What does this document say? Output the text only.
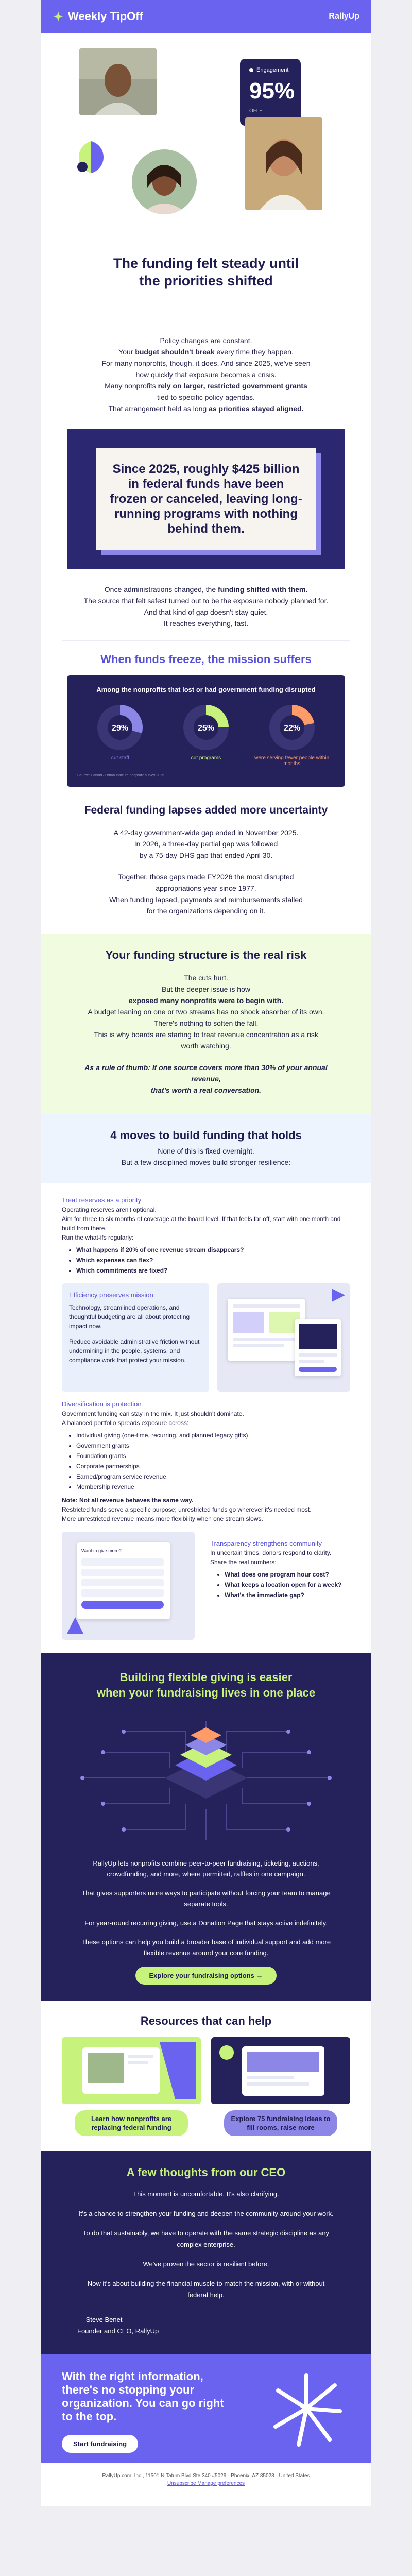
Weekly TipOff	RallyUp
Engagement
95%
OFL+
The funding felt steady until
the priorities shifted

Policy changes are constant.

Your budget shouldn't break every time they happen.

For many nonprofits, though, it does. And since 2025, we've seen

how quickly that exposure becomes a crisis.

Many nonprofits rely on larger, restricted government grants

tied to specific policy agendas.

That arrangement held as long as priorities stayed aligned.

Since 2025, roughly $425 billion in federal funds have been frozen or canceled, leaving long-running programs with nothing behind them.

Once administrations changed, the funding shifted with them.

The source that felt safest turned out to be the exposure nobody planned for.

And that kind of gap doesn't stay quiet.

It reaches everything, fast.

When funds freeze, the mission suffers
Among the nonprofits that lost or had government funding disrupted
29%
cut staff
25%
cut programs
22%
were serving fewer people within months
Source: Candid / Urban Institute nonprofit survey 2025
Federal funding lapses added more uncertainty

A 42-day government-wide gap ended in November 2025.

In 2026, a three-day partial gap was followed

by a 75-day DHS gap that ended April 30.

Together, those gaps made FY2026 the most disrupted

appropriations year since 1977.

When funding lapsed, payments and reimbursements stalled

for the organizations depending on it.

Your funding structure is the real risk

The cuts hurt.

But the deeper issue is how

exposed many nonprofits were to begin with.

A budget leaning on one or two streams has no shock absorber of its own.

There's nothing to soften the fall.

This is why boards are starting to treat revenue concentration as a risk

worth watching.

As a rule of thumb: If one source covers more than 30% of your annual revenue,

that's worth a real conversation.

4 moves to build funding that holds

None of this is fixed overnight.

But a few disciplined moves build stronger resilience:

Treat reserves as a priority

Operating reserves aren't optional.

Aim for three to six months of coverage at the board level. If that feels far off, start with one month and build from there.

Run the what-ifs regularly:

• What happens if 20% of one revenue stream disappears?
• Which expenses can flex?
• Which commitments are fixed?
Efficiency preserves mission

Technology, streamlined operations, and thoughtful budgeting are all about protecting impact now.

Reduce avoidable administrative friction without undermining in the people, systems, and compliance work that protect your mission.

Diversification is protection

Government funding can stay in the mix. It just shouldn't dominate.

A balanced portfolio spreads exposure across:

• Individual giving (one-time, recurring, and planned legacy gifts)
• Government grants
• Foundation grants
• Corporate partnerships
• Earned/program service revenue
• Membership revenue

Note: Not all revenue behaves the same way.

Restricted funds serve a specific purpose; unrestricted funds go wherever it's needed most.

More unrestricted revenue means more flexibility when one stream slows.

Want to give more?
Transparency strengthens community

In uncertain times, donors respond to clarity. Share the real numbers:

• What does one program hour cost?
• What keeps a location open for a week?
• What's the immediate gap?
Building flexible giving is easier
when your fundraising lives in one place

RallyUp lets nonprofits combine peer-to-peer fundraising, ticketing, auctions, crowdfunding, and more, where permitted, raffles in one campaign.

That gives supporters more ways to participate without forcing your team to manage separate tools.

For year-round recurring giving, use a Donation Page that stays active indefinitely.

These options can help you build a broader base of individual support and add more flexible revenue around your core funding.

Explore your fundraising options →
Resources that can help
Learn how nonprofits are replacing federal funding
Explore 75 fundraising ideas to fill rooms, raise more
A few thoughts from our CEO

This moment is uncomfortable. It's also clarifying.

It's a chance to strengthen your funding and deepen the community around your work.

To do that sustainably, we have to operate with the same strategic discipline as any complex enterprise.

We've proven the sector is resilient before.

Now it's about building the financial muscle to match the mission, with or without federal help.

— Steve Benet

Founder and CEO, RallyUp

With the right information, there's no stopping your organization. You can go right to the top.
Start fundraising

RallyUp.com, Inc., 11501 N Tatum Blvd Ste 340 #5029 · Phoenix, AZ 85028 · United States

Unsubscribe Manage preferences
